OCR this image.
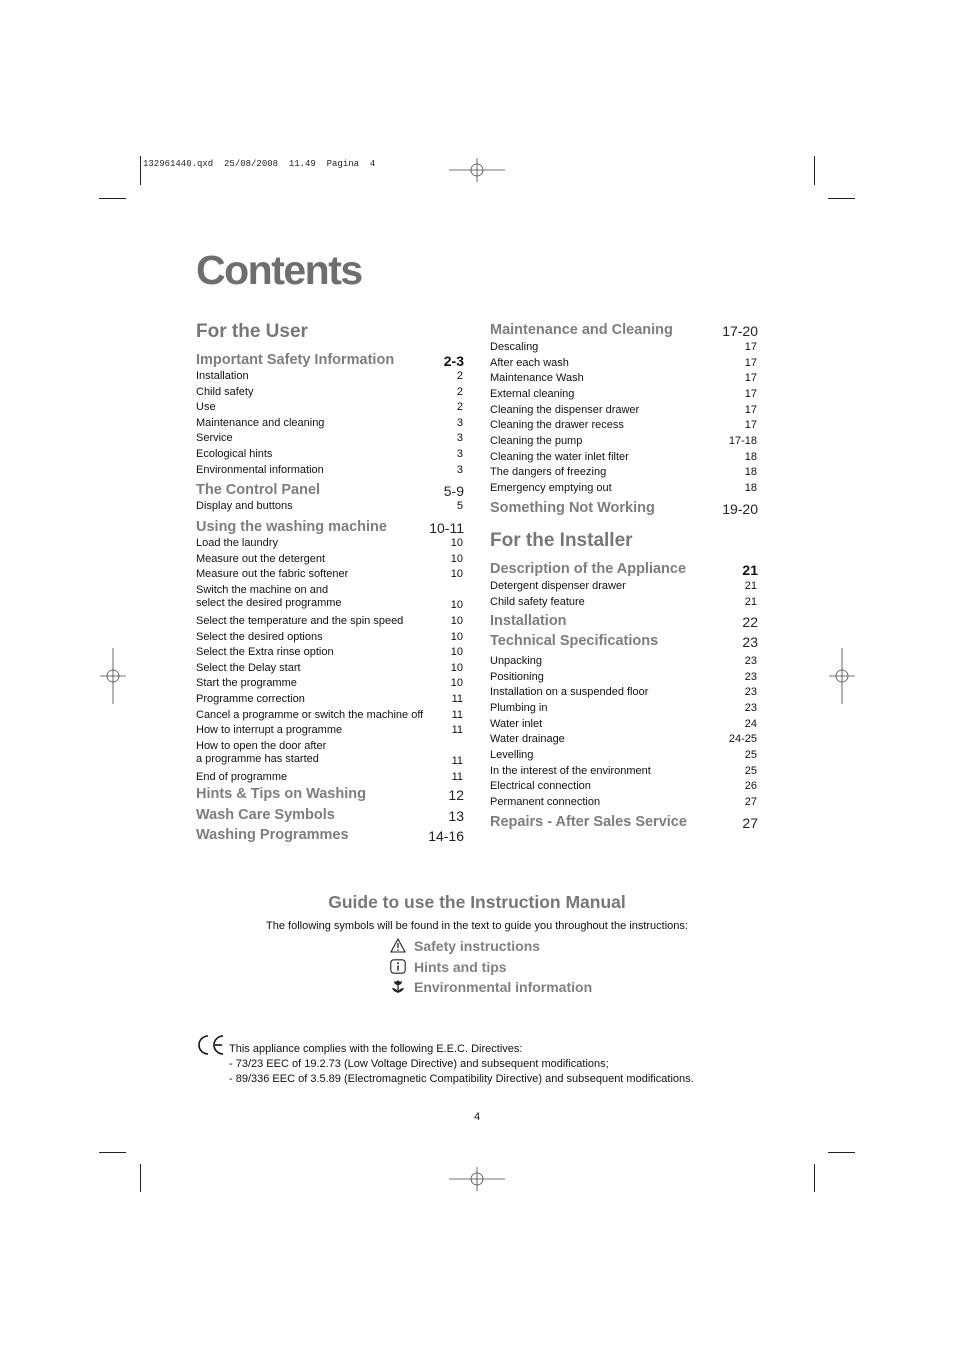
132961440.qxd  25/08/2008  11.49  Pagina  4
Contents
For the User
Important Safety Information	2-3
Installation	2
Child safety	2
Use	2
Maintenance and cleaning	3
Service	3
Ecological hints	3
Environmental information	3
The Control Panel	5-9
Display and buttons	5
Using the washing machine	10-11
Load the laundry	10
Measure out the detergent	10
Measure out the fabric softener	10
Switch the machine on and
select the desired programme	10
Select the temperature and the spin speed	10
Select the desired options	10
Select the Extra rinse option	10
Select the Delay start	10
Start the programme	10
Programme correction	11
Cancel a programme or switch the machine off	11
How to interrupt a programme	11
How to open the door after
a programme has started	11
End of programme	11
Hints & Tips on Washing	12
Wash Care Symbols	13
Washing Programmes	14-16
Maintenance and Cleaning	17-20
Descaling	17
After each wash	17
Maintenance Wash	17
External cleaning	17
Cleaning the dispenser drawer	17
Cleaning the drawer recess	17
Cleaning the pump	17-18
Cleaning the water inlet filter	18
The dangers of freezing	18
Emergency emptying out	18
Something Not Working	19-20
For the Installer
Description of the Appliance	21
Detergent dispenser drawer	21
Child safety feature	21
Installation	22
Technical Specifications	23
Unpacking	23
Positioning	23
Installation on a suspended floor	23
Plumbing in	23
Water inlet	24
Water drainage	24-25
Levelling	25
In the interest of the environment	25
Electrical connection	26
Permanent connection	27
Repairs - After Sales Service	27
Guide to use the Instruction Manual
The following symbols will be found in the text to guide you throughout the instructions:
Safety instructions
Hints and tips
Environmental information
This appliance complies with the following E.E.C. Directives:
- 73/23 EEC of 19.2.73 (Low Voltage Directive) and subsequent modifications;
- 89/336 EEC of 3.5.89 (Electromagnetic Compatibility Directive) and subsequent modifications.
4
